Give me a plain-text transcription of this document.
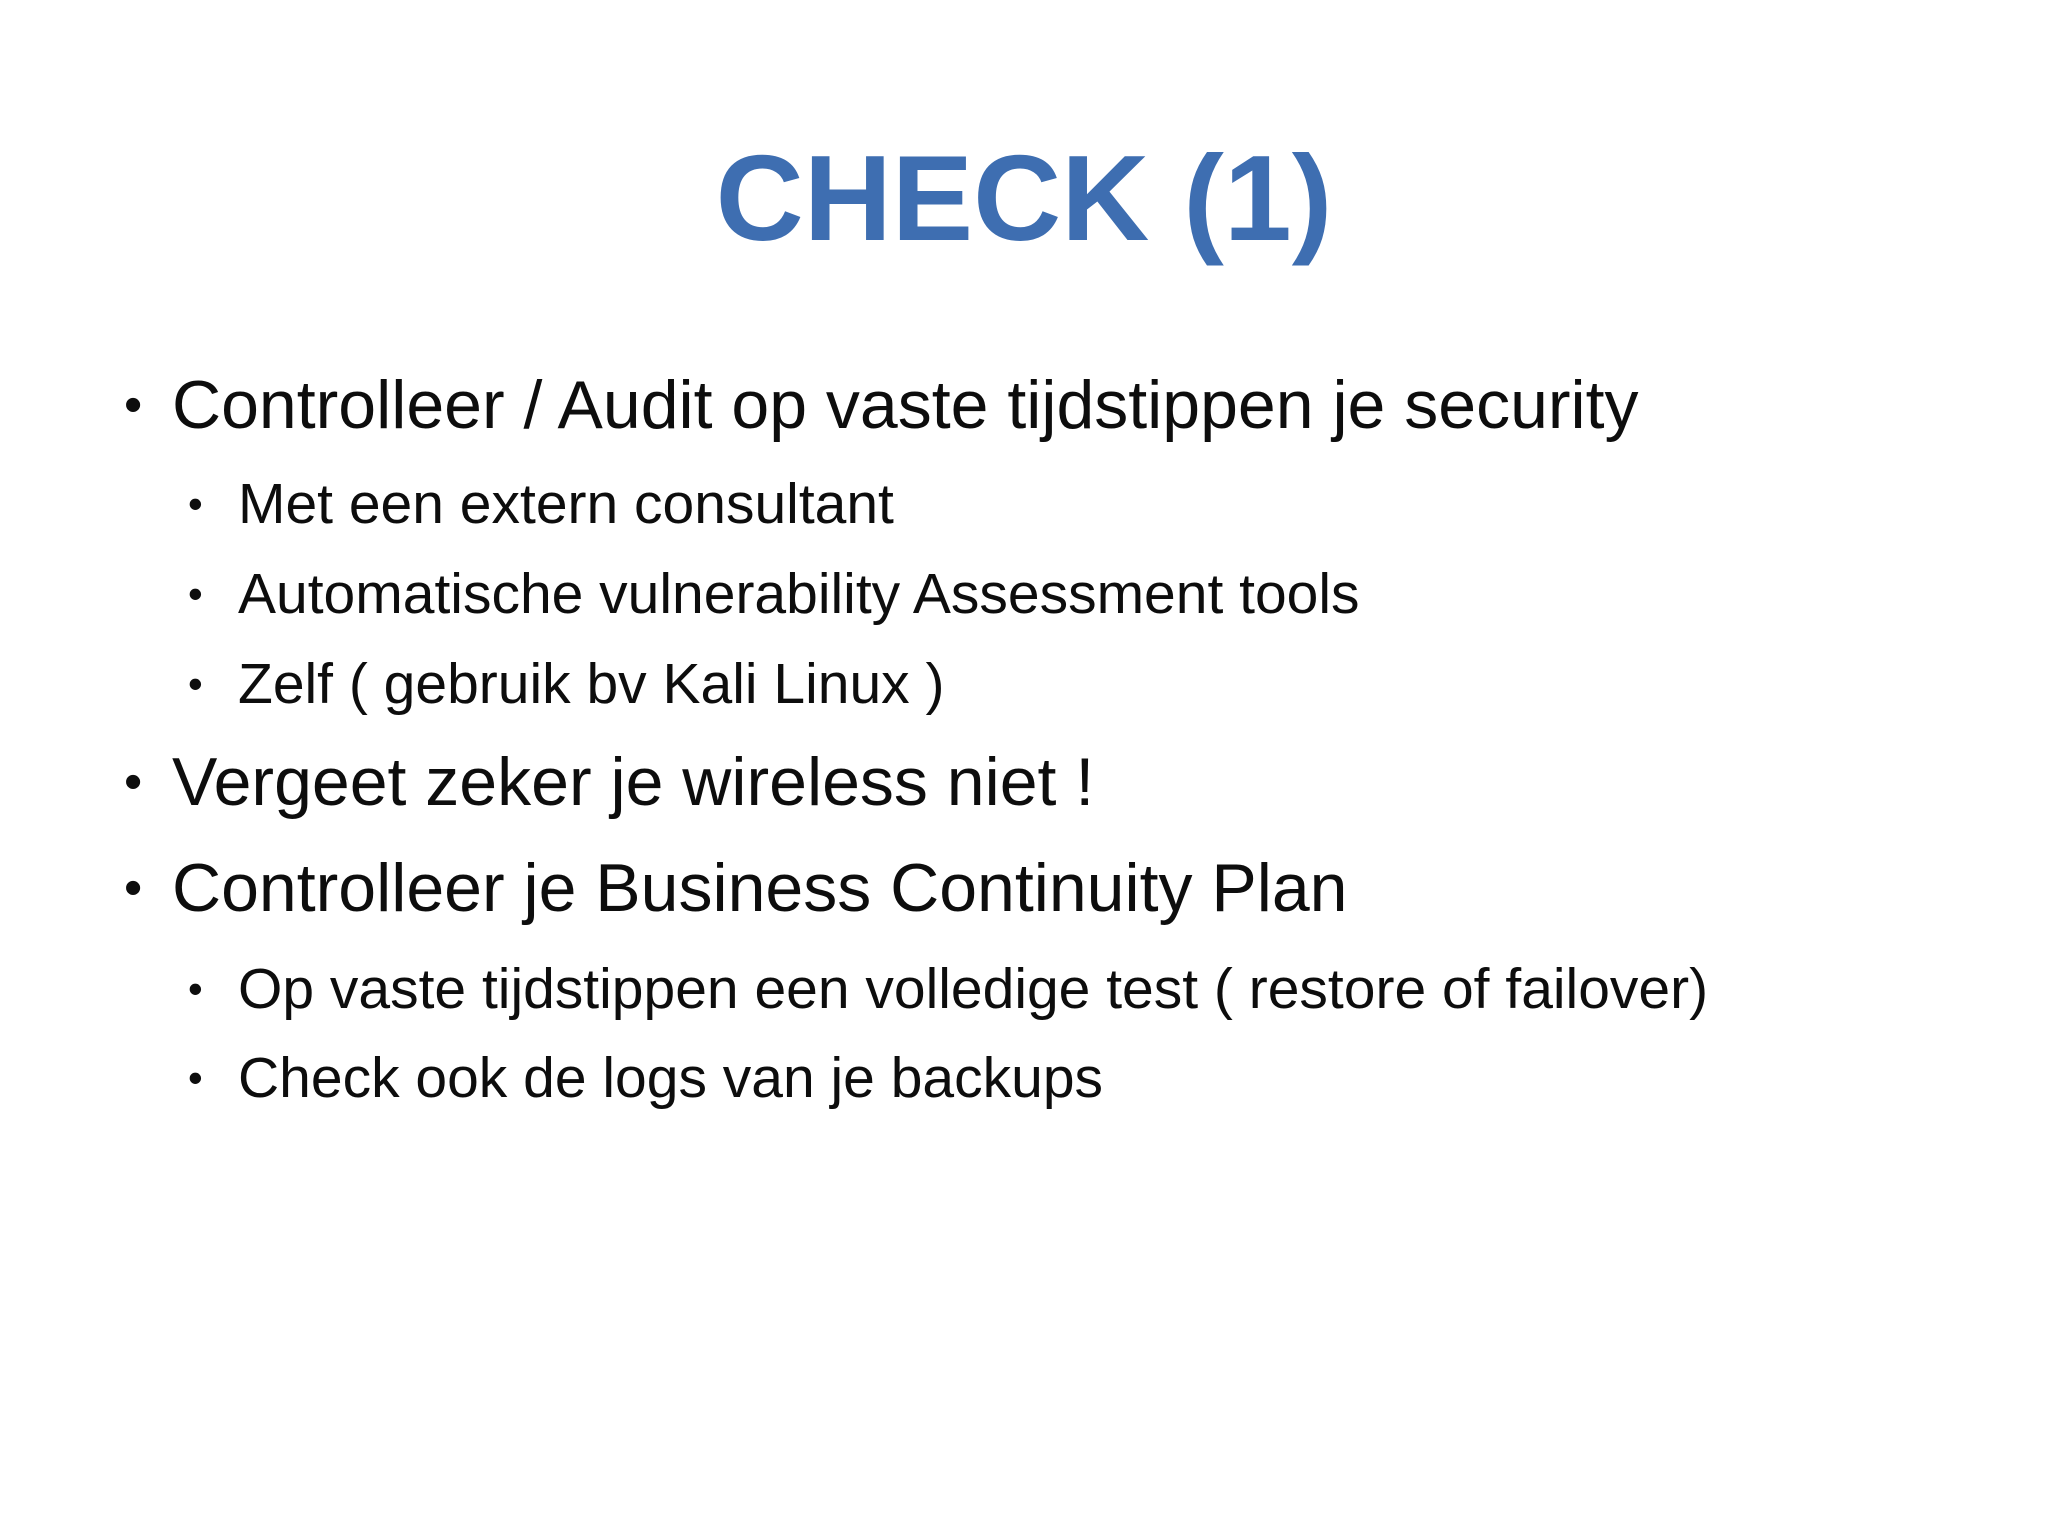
CHECK (1)
• Controlleer / Audit op vaste tijdstippen je security
• Met een extern consultant
• Automatische vulnerability Assessment tools
• Zelf ( gebruik bv Kali Linux )
• Vergeet zeker je wireless niet !
• Controlleer je Business Continuity Plan
• Op vaste tijdstippen een volledige test ( restore of failover)
• Check ook de logs van je backups
